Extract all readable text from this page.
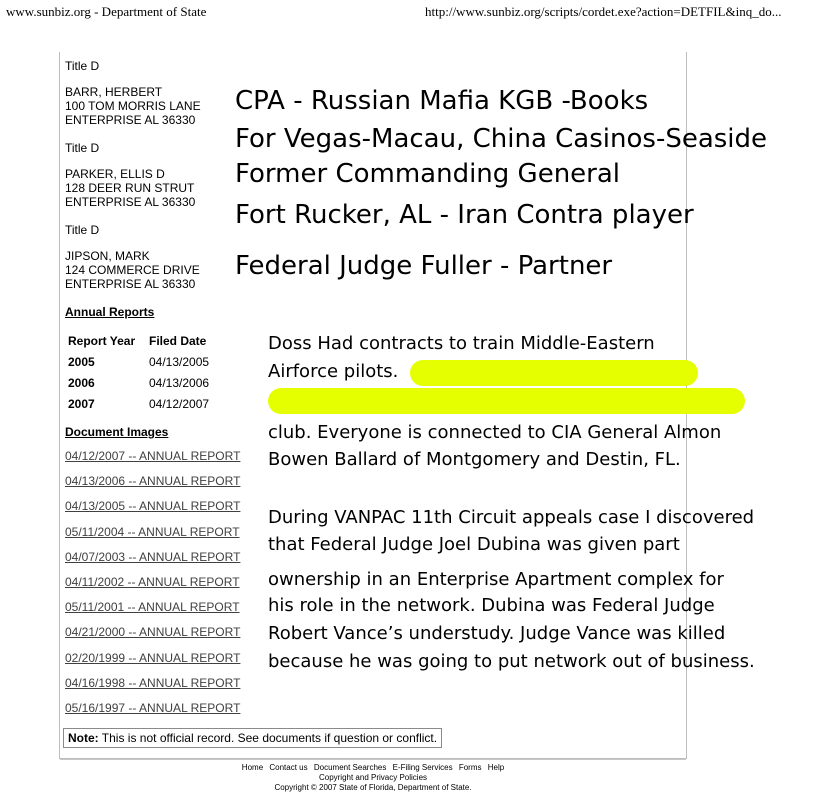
www.sunbiz.org - Department of State	http://www.sunbiz.org/scripts/cordet.exe?action=DETFIL&inq_do...
Title D
BARR, HERBERT
100 TOM MORRIS LANE
ENTERPRISE AL 36330
Title D
PARKER, ELLIS D
128 DEER RUN STRUT
ENTERPRISE AL 36330
Title D
JIPSON, MARK
124 COMMERCE DRIVE
ENTERPRISE AL 36330
Annual Reports
Report Year	Filed Date
2005	04/13/2005
2006	04/13/2006
2007	04/12/2007
Document Images
04/12/2007 -- ANNUAL REPORT
04/13/2006 -- ANNUAL REPORT
04/13/2005 -- ANNUAL REPORT
05/11/2004 -- ANNUAL REPORT
04/07/2003 -- ANNUAL REPORT
04/11/2002 -- ANNUAL REPORT
05/11/2001 -- ANNUAL REPORT
04/21/2000 -- ANNUAL REPORT
02/20/1999 -- ANNUAL REPORT
04/16/1998 -- ANNUAL REPORT
05/16/1997 -- ANNUAL REPORT
Note: This is not official record. See documents if question or conflict.
Home Contact us Document Searches E-Filing Services Forms Help
Copyright and Privacy Policies
Copyright © 2007 State of Florida, Department of State.
CPA - Russian Mafia KGB -Books
For Vegas-Macau, China Casinos-Seaside
Former Commanding General
Fort Rucker, AL - Iran Contra player
Federal Judge Fuller - Partner
Doss Had contracts to train Middle-Eastern
Airforce pilots.
club. Everyone is connected to CIA General Almon
Bowen Ballard of Montgomery and Destin, FL.
During VANPAC 11th Circuit appeals case I discovered
that Federal Judge Joel Dubina was given part
ownership in an Enterprise Apartment complex for
his role in the network. Dubina was Federal Judge
Robert Vance’s understudy. Judge Vance was killed
because he was going to put network out of business.
